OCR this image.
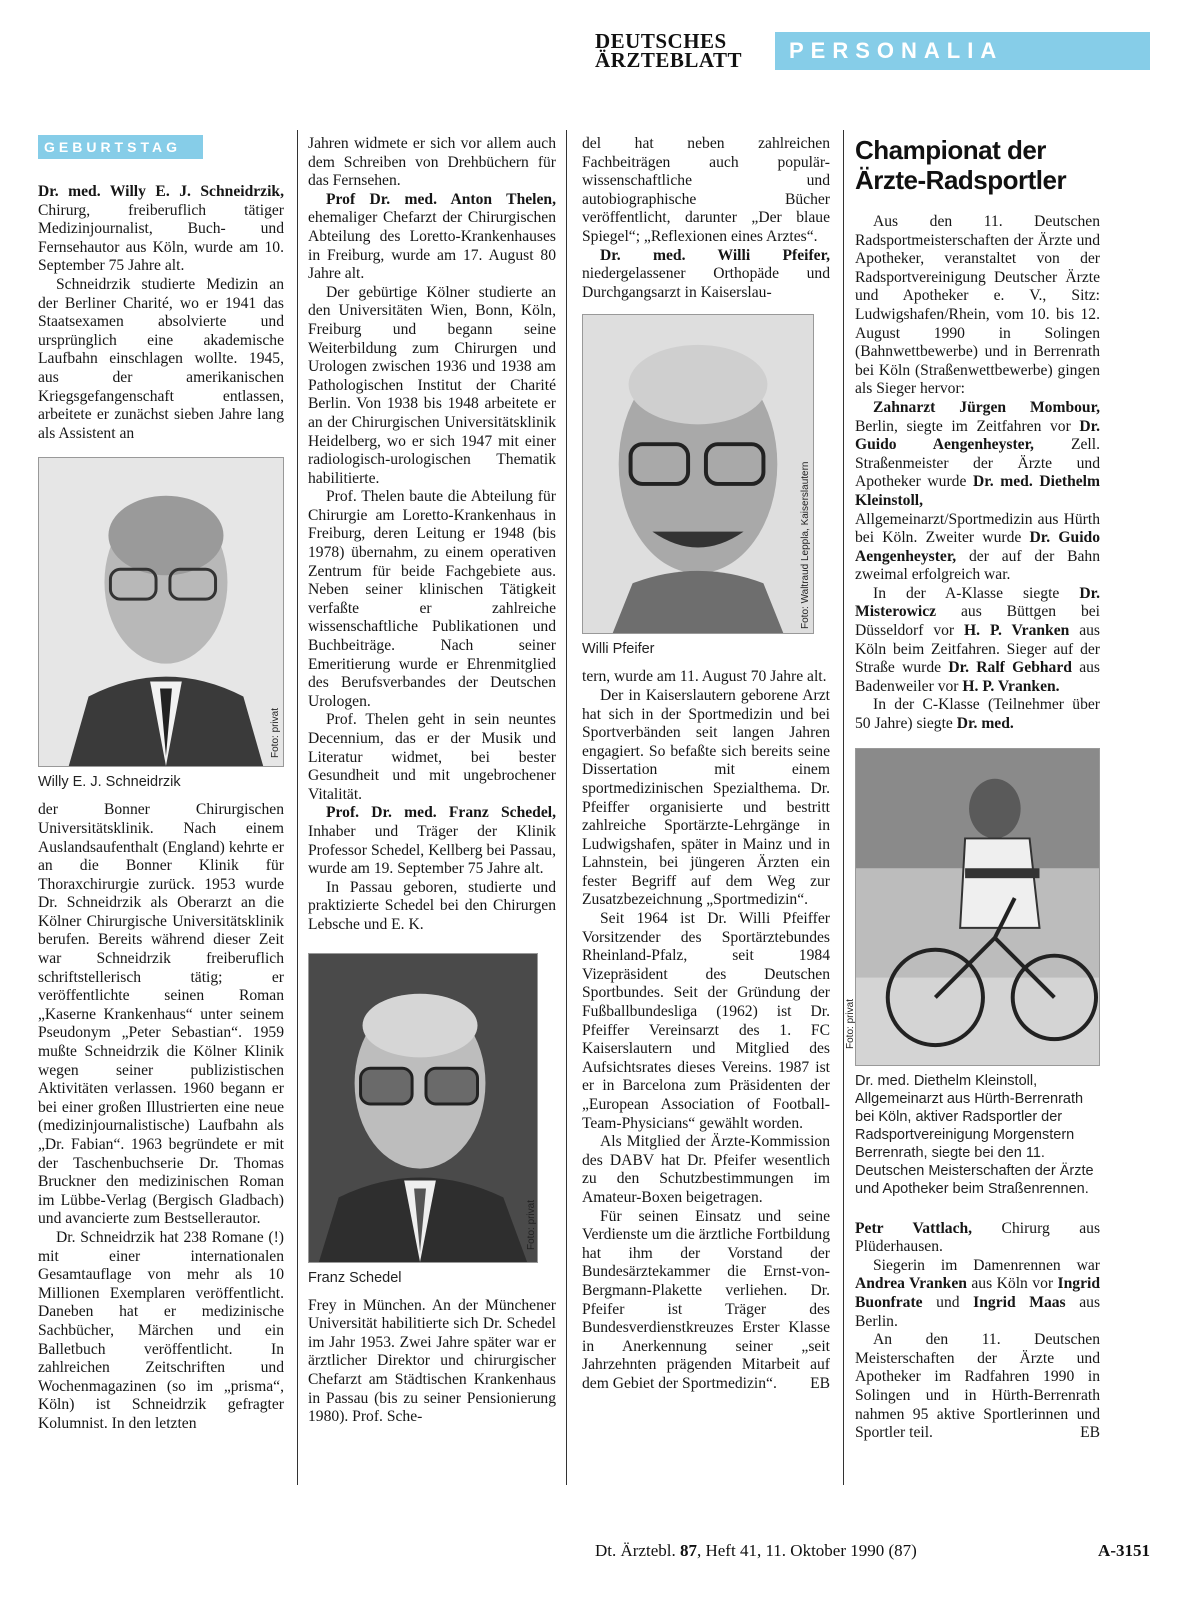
DEUTSCHES
ÄRZTEBLATT	PERSONALIA
GEBURTSTAG

Dr. med. Willy E. J. Schneidrzik, Chirurg, freiberuflich tätiger Medizinjournalist, Buch- und Fernsehautor aus Köln, wurde am 10. September 75 Jahre alt.

Schneidrzik studierte Medizin an der Berliner Charité, wo er 1941 das Staatsexamen absolvierte und ursprünglich eine akademische Laufbahn einschlagen wollte. 1945, aus der amerikanischen Kriegsgefangenschaft entlassen, arbeitete er zunächst sieben Jahre lang als Assistent an

Foto: privat
Willy E. J. Schneidrzik

der Bonner Chirurgischen Universitätsklinik. Nach einem Auslandsaufenthalt (England) kehrte er an die Bonner Klinik für Thoraxchirurgie zurück. 1953 wurde Dr. Schneidrzik als Oberarzt an die Kölner Chirurgische Universitätsklinik berufen. Bereits während dieser Zeit war Schneidrzik freiberuflich schriftstellerisch tätig; er veröffentlichte seinen Roman „Kaserne Krankenhaus“ unter seinem Pseudonym „Peter Sebastian“. 1959 mußte Schneidrzik die Kölner Klinik wegen seiner publizistischen Aktivitäten verlassen. 1960 begann er bei einer großen Illustrierten eine neue (medizinjournalistische) Laufbahn als „Dr. Fabian“. 1963 begründete er mit der Taschenbuchserie Dr. Thomas Bruckner den medizinischen Roman im Lübbe-Verlag (Bergisch Gladbach) und avancierte zum Bestsellerautor.

Dr. Schneidrzik hat 238 Romane (!) mit einer internationalen Gesamtauflage von mehr als 10 Millionen Exemplaren veröffentlicht. Daneben hat er medizinische Sachbücher, Märchen und ein Balletbuch veröffentlicht. In zahlreichen Zeitschriften und Wochenmagazinen (so im „prisma“, Köln) ist Schneidrzik gefragter Kolumnist. In den letzten

Jahren widmete er sich vor allem auch dem Schreiben von Drehbüchern für das Fernsehen.

Prof Dr. med. Anton Thelen, ehemaliger Chefarzt der Chirurgischen Abteilung des Loretto-Krankenhauses in Freiburg, wurde am 17. August 80 Jahre alt.

Der gebürtige Kölner studierte an den Universitäten Wien, Bonn, Köln, Freiburg und begann seine Weiterbildung zum Chirurgen und Urologen zwischen 1936 und 1938 am Pathologischen Institut der Charité Berlin. Von 1938 bis 1948 arbeitete er an der Chirurgischen Universitätsklinik Heidelberg, wo er sich 1947 mit einer radiologisch-urologischen Thematik habilitierte.

Prof. Thelen baute die Abteilung für Chirurgie am Loretto-Krankenhaus in Freiburg, deren Leitung er 1948 (bis 1978) übernahm, zu einem operativen Zentrum für beide Fachgebiete aus. Neben seiner klinischen Tätigkeit verfaßte er zahlreiche wissenschaftliche Publikationen und Buchbeiträge. Nach seiner Emeritierung wurde er Ehrenmitglied des Berufsverbandes der Deutschen Urologen.

Prof. Thelen geht in sein neuntes Decennium, das er der Musik und Literatur widmet, bei bester Gesundheit und mit ungebrochener Vitalität.

Prof. Dr. med. Franz Schedel, Inhaber und Träger der Klinik Professor Schedel, Kellberg bei Passau, wurde am 19. September 75 Jahre alt.

In Passau geboren, studierte und praktizierte Schedel bei den Chirurgen Lebsche und E. K.

Foto: privat
Franz Schedel

Frey in München. An der Münchener Universität habilitierte sich Dr. Schedel im Jahr 1953. Zwei Jahre später war er ärztlicher Direktor und chirurgischer Chefarzt am Städtischen Krankenhaus in Passau (bis zu seiner Pensionierung 1980). Prof. Sche-

del hat neben zahlreichen Fachbeiträgen auch populär-wissenschaftliche und autobiographische Bücher veröffentlicht, darunter „Der blaue Spiegel“; „Reflexionen eines Arztes“.

Dr. med. Willi Pfeifer, niedergelassener Orthopäde und Durchgangsarzt in Kaiserslau-

Foto: Waltraud Leppla, Kaiserslautern
Willi Pfeifer

tern, wurde am 11. August 70 Jahre alt.

Der in Kaiserslautern geborene Arzt hat sich in der Sportmedizin und bei Sportverbänden seit langen Jahren engagiert. So befaßte sich bereits seine Dissertation mit einem sportmedizinischen Spezialthema. Dr. Pfeiffer organisierte und bestritt zahlreiche Sportärzte-Lehrgänge in Ludwigshafen, später in Mainz und in Lahnstein, bei jüngeren Ärzten ein fester Begriff auf dem Weg zur Zusatzbezeichnung „Sportmedizin“.

Seit 1964 ist Dr. Willi Pfeiffer Vorsitzender des Sportärztebundes Rheinland-Pfalz, seit 1984 Vizepräsident des Deutschen Sportbundes. Seit der Gründung der Fußballbundesliga (1962) ist Dr. Pfeiffer Vereinsarzt des 1. FC Kaiserslautern und Mitglied des Aufsichtsrates dieses Vereins. 1987 ist er in Barcelona zum Präsidenten der „European Association of Football-Team-Physicians“ gewählt worden.

Als Mitglied der Ärzte-Kommission des DABV hat Dr. Pfeifer wesentlich zu den Schutzbestimmungen im Amateur-Boxen beigetragen.

Für seinen Einsatz und seine Verdienste um die ärztliche Fortbildung hat ihm der Vorstand der Bundesärztekammer die Ernst-von-Bergmann-Plakette verliehen. Dr. Pfeifer ist Träger des Bundesverdienstkreuzes Erster Klasse in Anerkennung seiner „seit Jahrzehnten prägenden Mitarbeit auf dem Gebiet der Sportmedizin“.	EB

Championat der Ärzte-Radsportler

Aus den 11. Deutschen Radsportmeisterschaften der Ärzte und Apotheker, veranstaltet von der Radsportvereinigung Deutscher Ärzte und Apotheker e. V., Sitz: Ludwigshafen/Rhein, vom 10. bis 12. August 1990 in Solingen (Bahnwettbewerbe) und in Berrenrath bei Köln (Straßenwettbewerbe) gingen als Sieger hervor:

Zahnarzt Jürgen Mombour, Berlin, siegte im Zeitfahren vor Dr. Guido Aengenheyster, Zell. Straßenmeister der Ärzte und Apotheker wurde Dr. med. Diethelm Kleinstoll, Allgemeinarzt/Sportmedizin aus Hürth bei Köln. Zweiter wurde Dr. Guido Aengenheyster, der auf der Bahn zweimal erfolgreich war.

In der A-Klasse siegte Dr. Misterowicz aus Büttgen bei Düsseldorf vor H. P. Vranken aus Köln beim Zeitfahren. Sieger auf der Straße wurde Dr. Ralf Gebhard aus Badenweiler vor H. P. Vranken.

In der C-Klasse (Teilnehmer über 50 Jahre) siegte Dr. med.

Foto: privat
Dr. med. Diethelm Kleinstoll, Allgemeinarzt aus Hürth-Berrenrath bei Köln, aktiver Radsportler der Radsportvereinigung Morgenstern Berrenrath, siegte bei den 11. Deutschen Meisterschaften der Ärzte und Apotheker beim Straßenrennen.

Petr Vattlach, Chirurg aus Plüderhausen.

Siegerin im Damenrennen war Andrea Vranken aus Köln vor Ingrid Buonfrate und Ingrid Maas aus Berlin.

An den 11. Deutschen Meisterschaften der Ärzte und Apotheker im Radfahren 1990 in Solingen und in Hürth-Berrenrath nahmen 95 aktive Sportlerinnen und Sportler teil.	EB

Dt. Ärztebl. 87, Heft 41, 11. Oktober 1990 (87)	A-3151
